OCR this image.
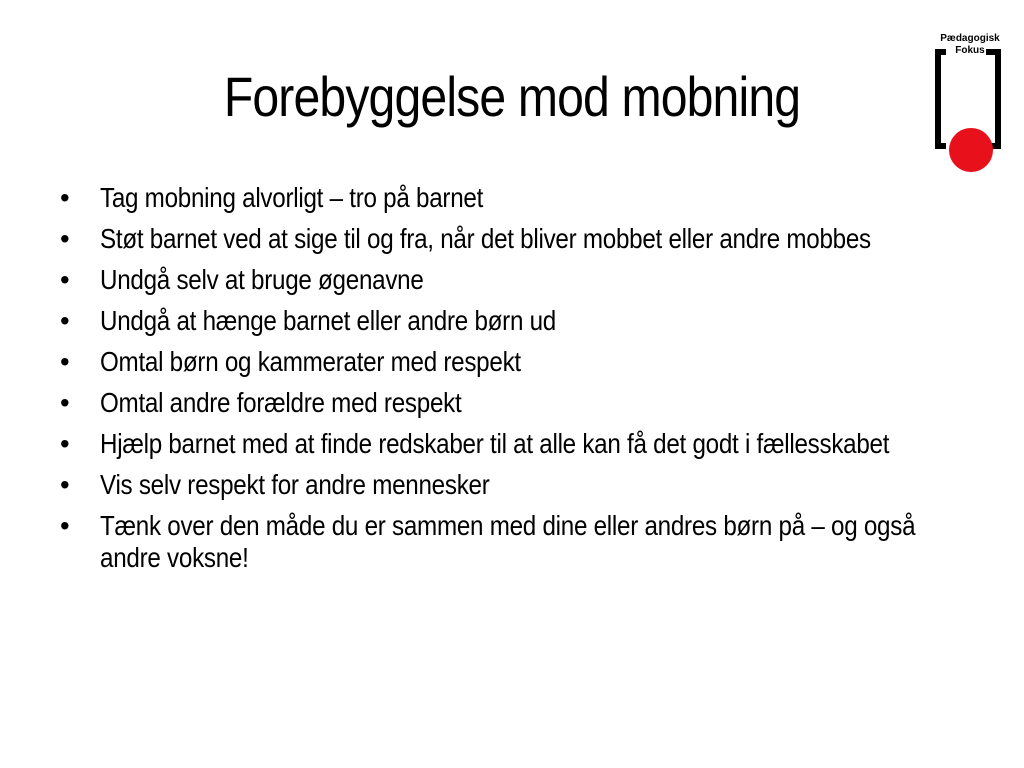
Forebyggelse mod mobning
Pædagogisk
Fokus
• Tag mobning alvorligt – tro på barnet
• Støt barnet ved at sige til og fra, når det bliver mobbet eller andre mobbes
• Undgå selv at bruge øgenavne
• Undgå at hænge barnet eller andre børn ud
• Omtal børn og kammerater med respekt
• Omtal andre forældre med respekt
• Hjælp barnet med at finde redskaber til at alle kan få det godt i fællesskabet
• Vis selv respekt for andre mennesker
• Tænk over den måde du er sammen med dine eller andres børn på – og også andre voksne!
